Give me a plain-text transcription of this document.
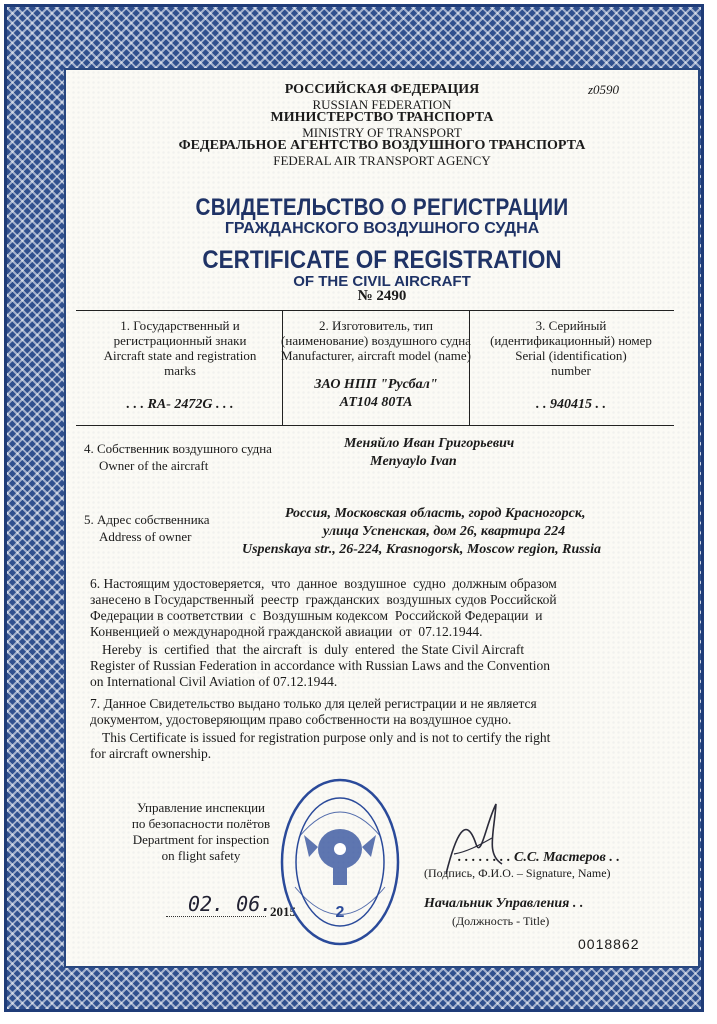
z0590
РОССИЙСКАЯ ФЕДЕРАЦИЯ
RUSSIAN FEDERATION
МИНИСТЕРСТВО ТРАНСПОРТА
MINISTRY OF TRANSPORT
ФЕДЕРАЛЬНОЕ АГЕНТСТВО ВОЗДУШНОГО ТРАНСПОРТА
FEDERAL AIR TRANSPORT AGENCY
СВИДЕТЕЛЬСТВО О РЕГИСТРАЦИИ
ГРАЖДАНСКОГО ВОЗДУШНОГО СУДНА
CERTIFICATE OF REGISTRATION
OF THE CIVIL AIRCRAFT
№ 2490
1. Государственный и
регистрационный знаки
Aircraft state and registration
marks
. . . RA- 2472G . . .
2. Изготовитель, тип
(наименование) воздушного судна
Manufacturer, aircraft model (name)
ЗАО НПП "Русбал"
АТ104 80ТА
3. Серийный
(идентификационный) номер
Serial (identification)
number
. . 940415 . .
4. Собственник воздушного судна
Owner of the aircraft
Меняйло Иван Григорьевич
Menyaylo Ivan
5. Адрес собственника
Address of owner
Россия, Московская область, город Красногорск,
улица Успенская, дом 26, квартира 224
Uspenskaya str., 26-224, Krasnogorsk, Moscow region, Russia
6. Настоящим удостоверяется,  что  данное  воздушное  судно  должным образом
занесено в Государственный  реестр  гражданских  воздушных судов Российской
Федерации в соответствии  с  Воздушным кодексом  Российской Федерации  и
Конвенцией о международной гражданской авиации  от  07.12.1944.
Hereby  is  certified  that  the aircraft  is  duly  entered  the State Civil Aircraft
Register of Russian Federation in accordance with Russian Laws and the Convention
on International Civil Aviation of 07.12.1944.
7. Данное Свидетельство выдано только для целей регистрации и не является
документом, удостоверяющим право собственности на воздушное судно.
This Certificate is issued for registration purpose only and is not to certify the right
for aircraft ownership.
Управление инспекции
по безопасности полётов
Department for inspection
on flight safety
02. 06.
2015
. . . . . . . . С.С. Мастеров . .
(Подпись, Ф.И.О. – Signature, Name)
Начальник Управления . .
(Должность - Title)
0018862
2
